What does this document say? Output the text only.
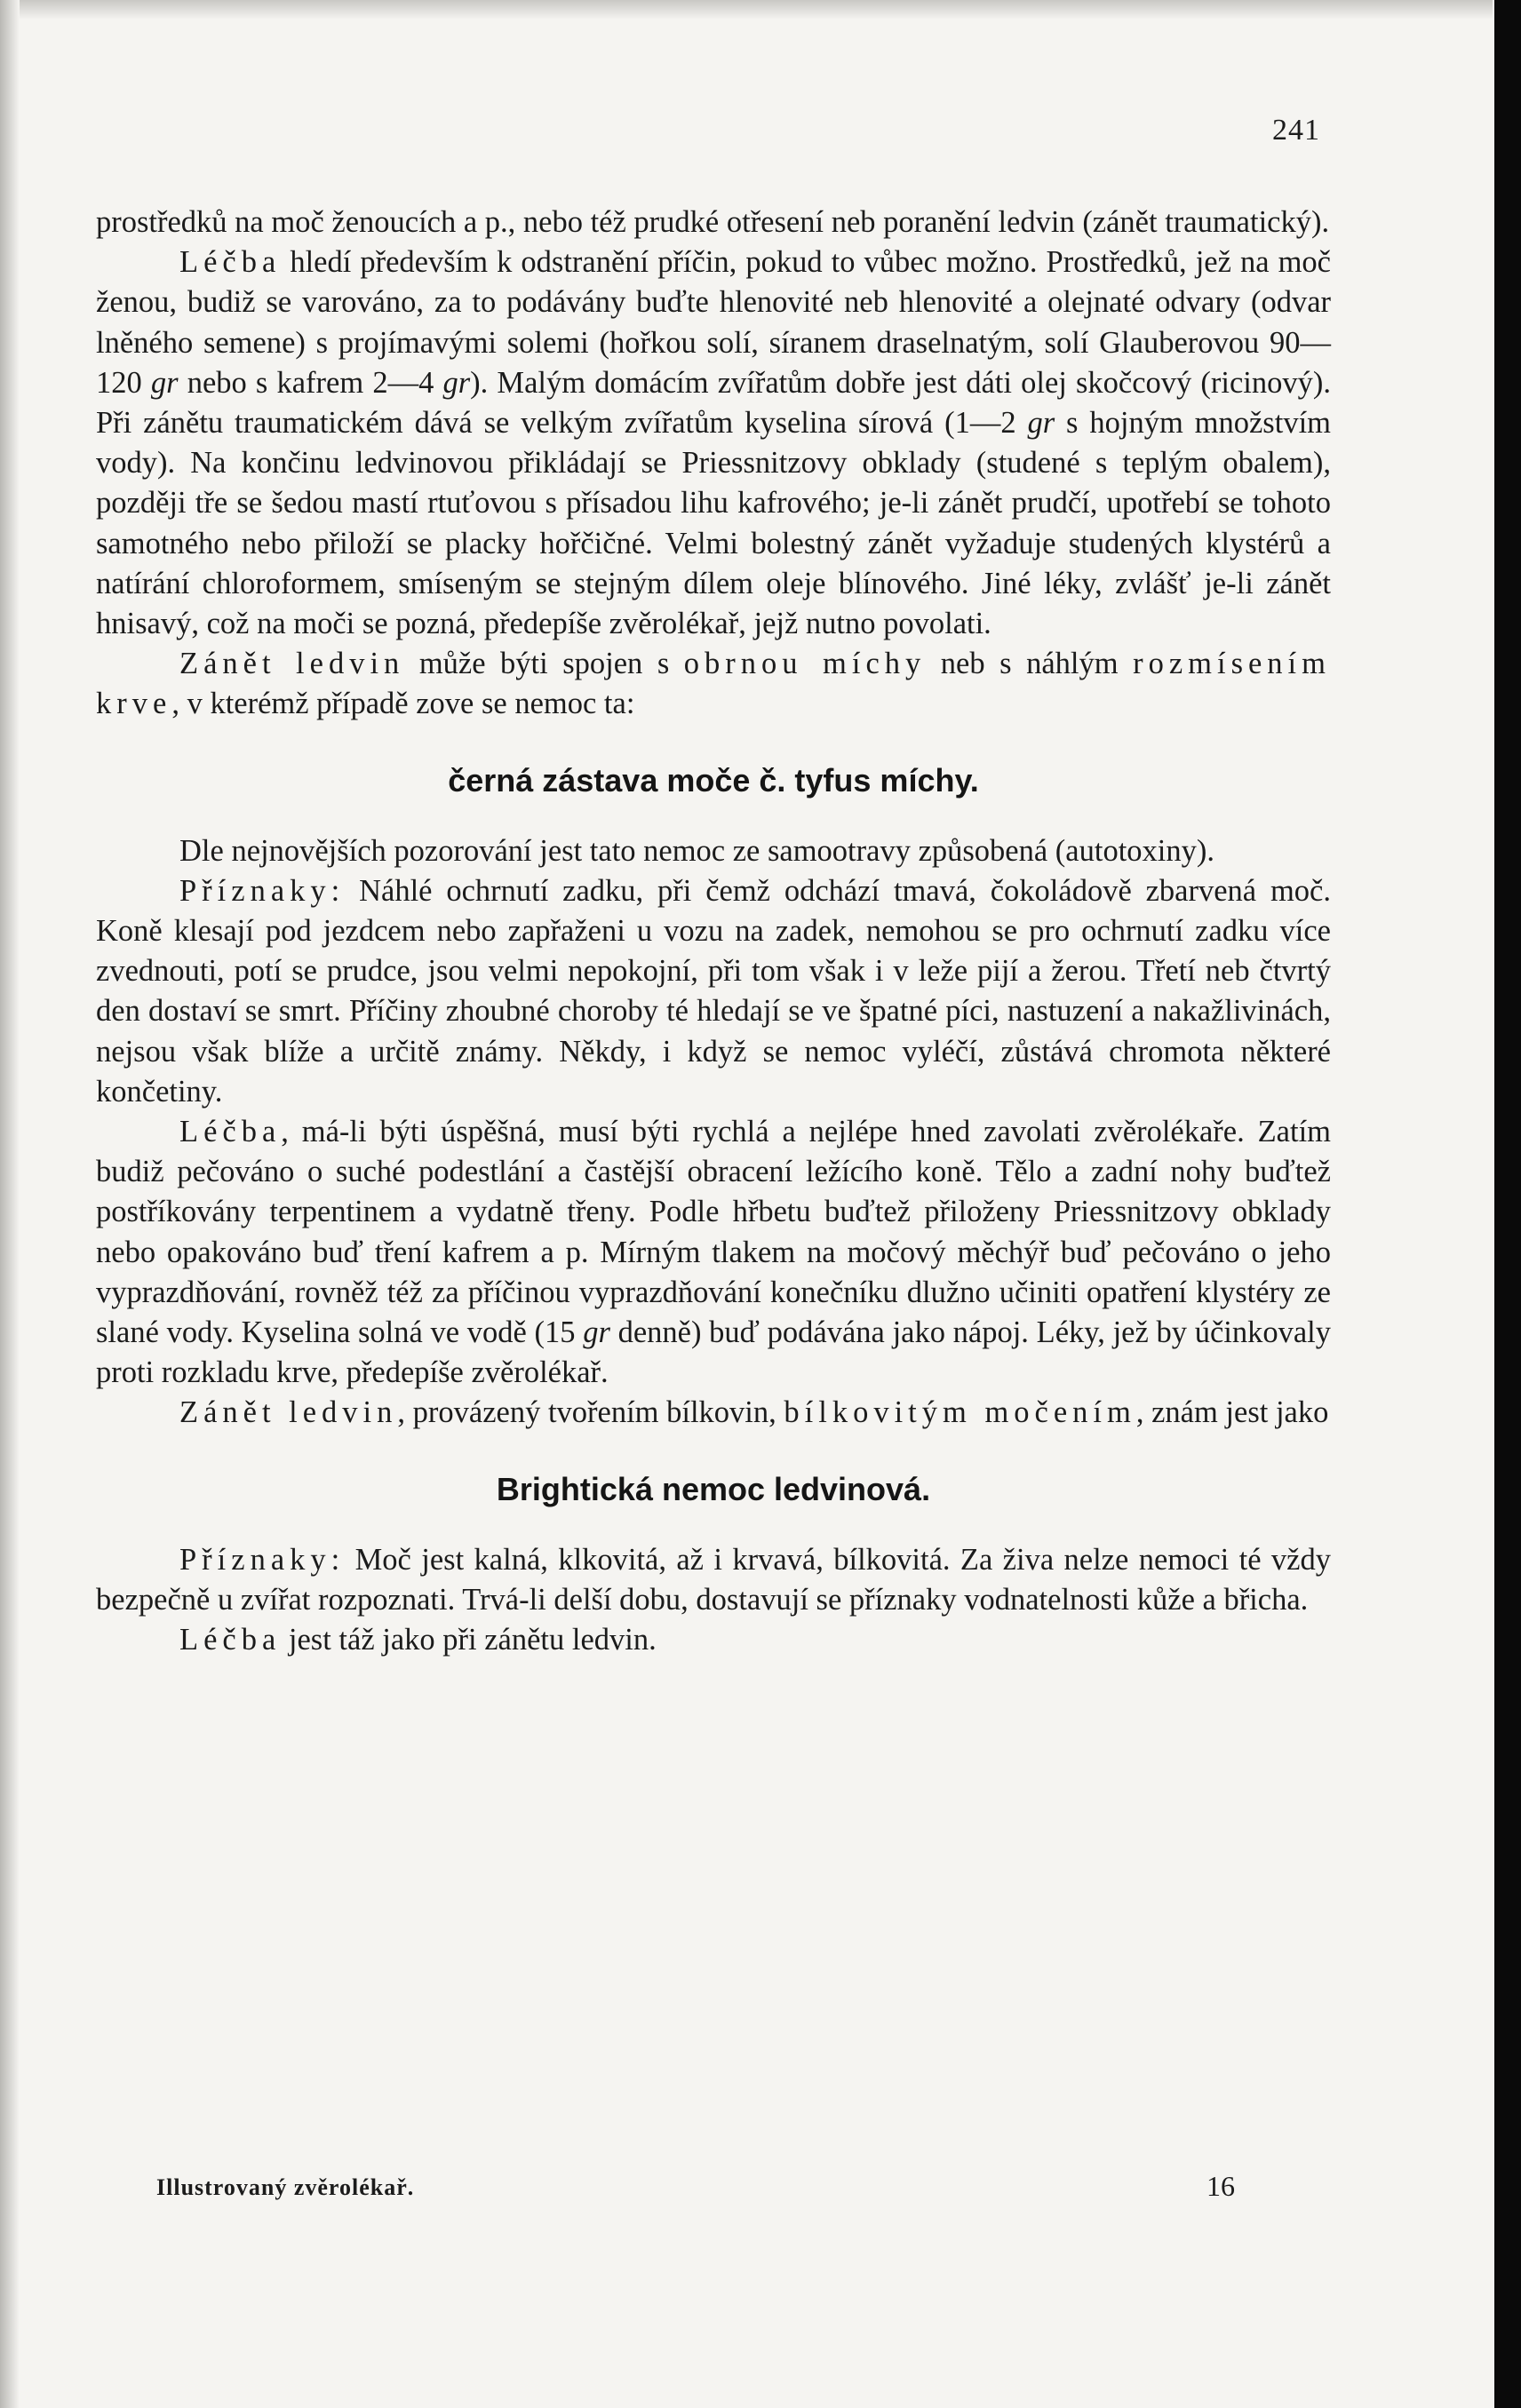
241

prostředků na moč ženoucích a p., nebo též prudké otřesení neb poranění ledvin (zánět traumatický).

Léčba hledí především k odstranění příčin, pokud to vůbec možno. Prostředků, jež na moč ženou, budiž se varováno, za to podávány buďte hlenovité neb hlenovité a olejnaté odvary (odvar lněného semene) s projímavými solemi (hořkou solí, síranem draselnatým, solí Glauberovou 90—120 gr nebo s kafrem 2—4 gr). Malým domácím zvířatům dobře jest dáti olej skočcový (ricinový). Při zánětu traumatickém dává se velkým zvířatům kyselina sírová (1—2 gr s hojným množstvím vody). Na končinu ledvinovou přikládají se Priessnitzovy obklady (studené s teplým obalem), později tře se šedou mastí rtuťovou s přísadou lihu kafrového; je-li zánět prudčí, upotřebí se tohoto samotného nebo přiloží se placky hořčičné. Velmi bolestný zánět vyžaduje studených klystérů a natírání chloroformem, smíseným se stejným dílem oleje blínového. Jiné léky, zvlášť je-li zánět hnisavý, což na moči se pozná, předepíše zvěrolékař, jejž nutno povolati.

Zánět ledvin může býti spojen s obrnou míchy neb s náhlým rozmísením krve, v kterémž případě zove se nemoc ta:

černá zástava moče č. tyfus míchy.

Dle nejnovějších pozorování jest tato nemoc ze samootravy způsobená (autotoxiny).

Příznaky: Náhlé ochrnutí zadku, při čemž odchází tmavá, čokoládově zbarvená moč. Koně klesají pod jezdcem nebo zapřaženi u vozu na zadek, nemohou se pro ochrnutí zadku více zvednouti, potí se prudce, jsou velmi nepokojní, při tom však i v leže pijí a žerou. Třetí neb čtvrtý den dostaví se smrt. Příčiny zhoubné choroby té hledají se ve špatné píci, nastuzení a nakažlivinách, nejsou však blíže a určitě známy. Někdy, i když se nemoc vyléčí, zůstává chromota některé končetiny.

Léčba, má-li býti úspěšná, musí býti rychlá a nejlépe hned zavolati zvěrolékaře. Zatím budiž pečováno o suché podestlání a častější obracení ležícího koně. Tělo a zadní nohy buďtež postříkovány terpentinem a vydatně třeny. Podle hřbetu buďtež přiloženy Priessnitzovy obklady nebo opakováno buď tření kafrem a p. Mírným tlakem na močový měchýř buď pečováno o jeho vyprazdňování, rovněž též za příčinou vyprazdňování konečníku dlužno učiniti opatření klystéry ze slané vody. Kyselina solná ve vodě (15 gr denně) buď podávána jako nápoj. Léky, jež by účinkovaly proti rozkladu krve, předepíše zvěrolékař.

Zánět ledvin, provázený tvořením bílkovin, bílkovitým močením, znám jest jako

Brightická nemoc ledvinová.

Příznaky: Moč jest kalná, klkovitá, až i krvavá, bílkovitá. Za živa nelze nemoci té vždy bezpečně u zvířat rozpoznati. Trvá-li delší dobu, dostavují se příznaky vodnatelnosti kůže a břicha.

Léčba jest táž jako při zánětu ledvin.

Illustrovaný zvěrolékař.	16
